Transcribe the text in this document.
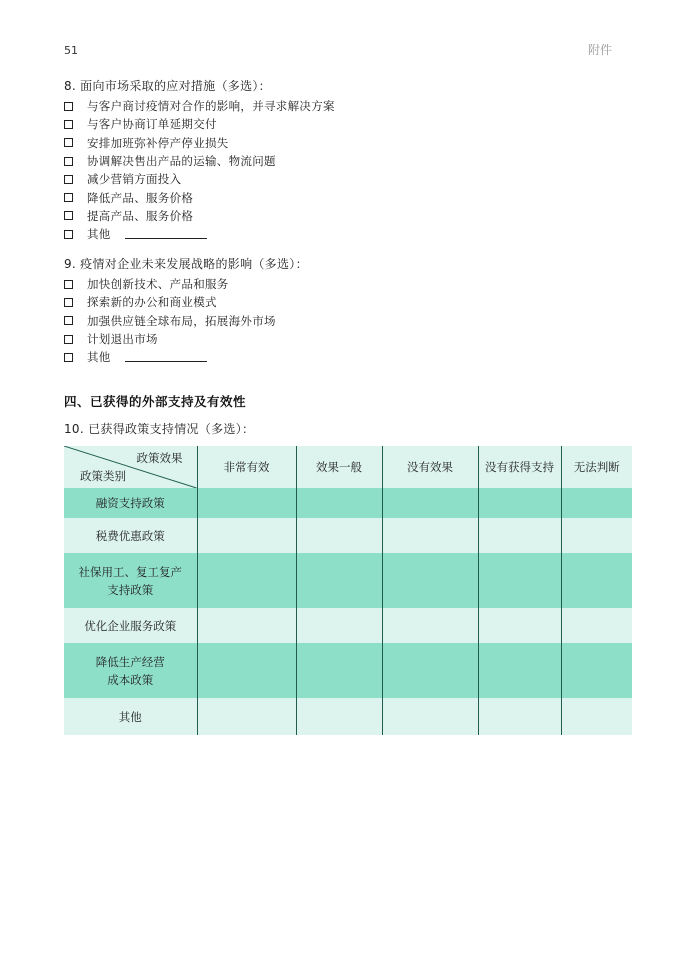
51	附件
8. 面向市场采取的应对措施（多选）：
与客户商讨疫情对合作的影响，并寻求解决方案
与客户协商订单延期交付
安排加班弥补停产停业损失
协调解决售出产品的运输、物流问题
减少营销方面投入
降低产品、服务价格
提高产品、服务价格
其他
9. 疫情对企业未来发展战略的影响（多选）：
加快创新技术、产品和服务
探索新的办公和商业模式
加强供应链全球布局，拓展海外市场
计划退出市场
其他
四、已获得的外部支持及有效性
10. 已获得政策支持情况（多选）：
政策效果
政策类别	非常有效	效果一般	没有效果	没有获得支持	无法判断

融资支持政策					

税费优惠政策					

社保用工、复工复产
支持政策					

优化企业服务政策					

降低生产经营
成本政策					

其他					
